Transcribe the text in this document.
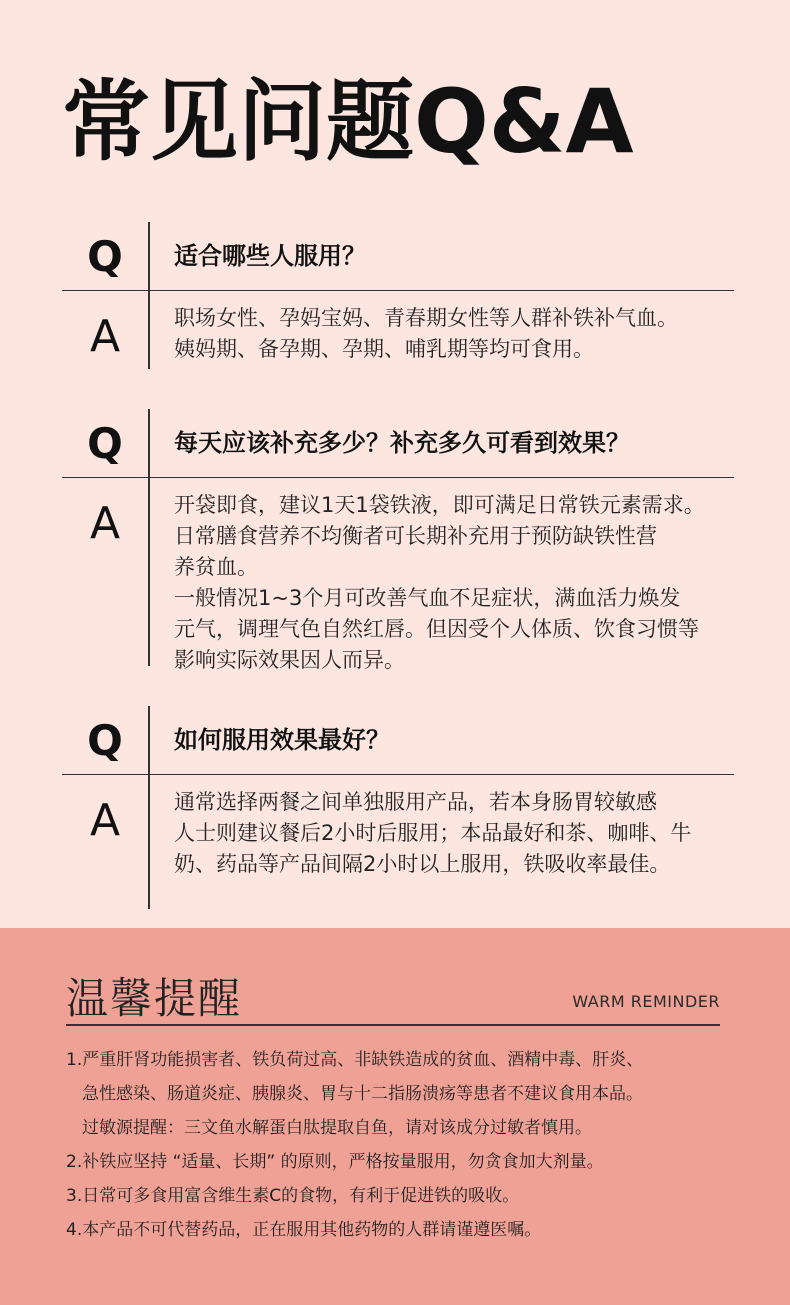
常见问题Q&A
Q	适合哪些人服用？
A	职场女性、孕妈宝妈、青春期女性等人群补铁补气血。
姨妈期、备孕期、孕期、哺乳期等均可食用。
Q	每天应该补充多少？补充多久可看到效果？
A	开袋即食，建议1天1袋铁液，即可满足日常铁元素需求。
日常膳食营养不均衡者可长期补充用于预防缺铁性营
养贫血。
一般情况1~3个月可改善气血不足症状，满血活力焕发
元气，调理气色自然红唇。但因受个人体质、饮食习惯等
影响实际效果因人而异。
Q	如何服用效果最好？
A	通常选择两餐之间单独服用产品，若本身肠胃较敏感
人士则建议餐后2小时后服用；本品最好和茶、咖啡、牛
奶、药品等产品间隔2小时以上服用，铁吸收率最佳。
温馨提醒	WARM REMINDER
1.严重肝肾功能损害者、铁负荷过高、非缺铁造成的贫血、酒精中毒、肝炎、
急性感染、肠道炎症、胰腺炎、胃与十二指肠溃疡等患者不建议食用本品。
过敏源提醒：三文鱼水解蛋白肽提取自鱼，请对该成分过敏者慎用。
2.补铁应坚持 “适量、长期” 的原则，严格按量服用，勿贪食加大剂量。
3.日常可多食用富含维生素C的食物，有利于促进铁的吸收。
4.本产品不可代替药品，正在服用其他药物的人群请谨遵医嘱。
